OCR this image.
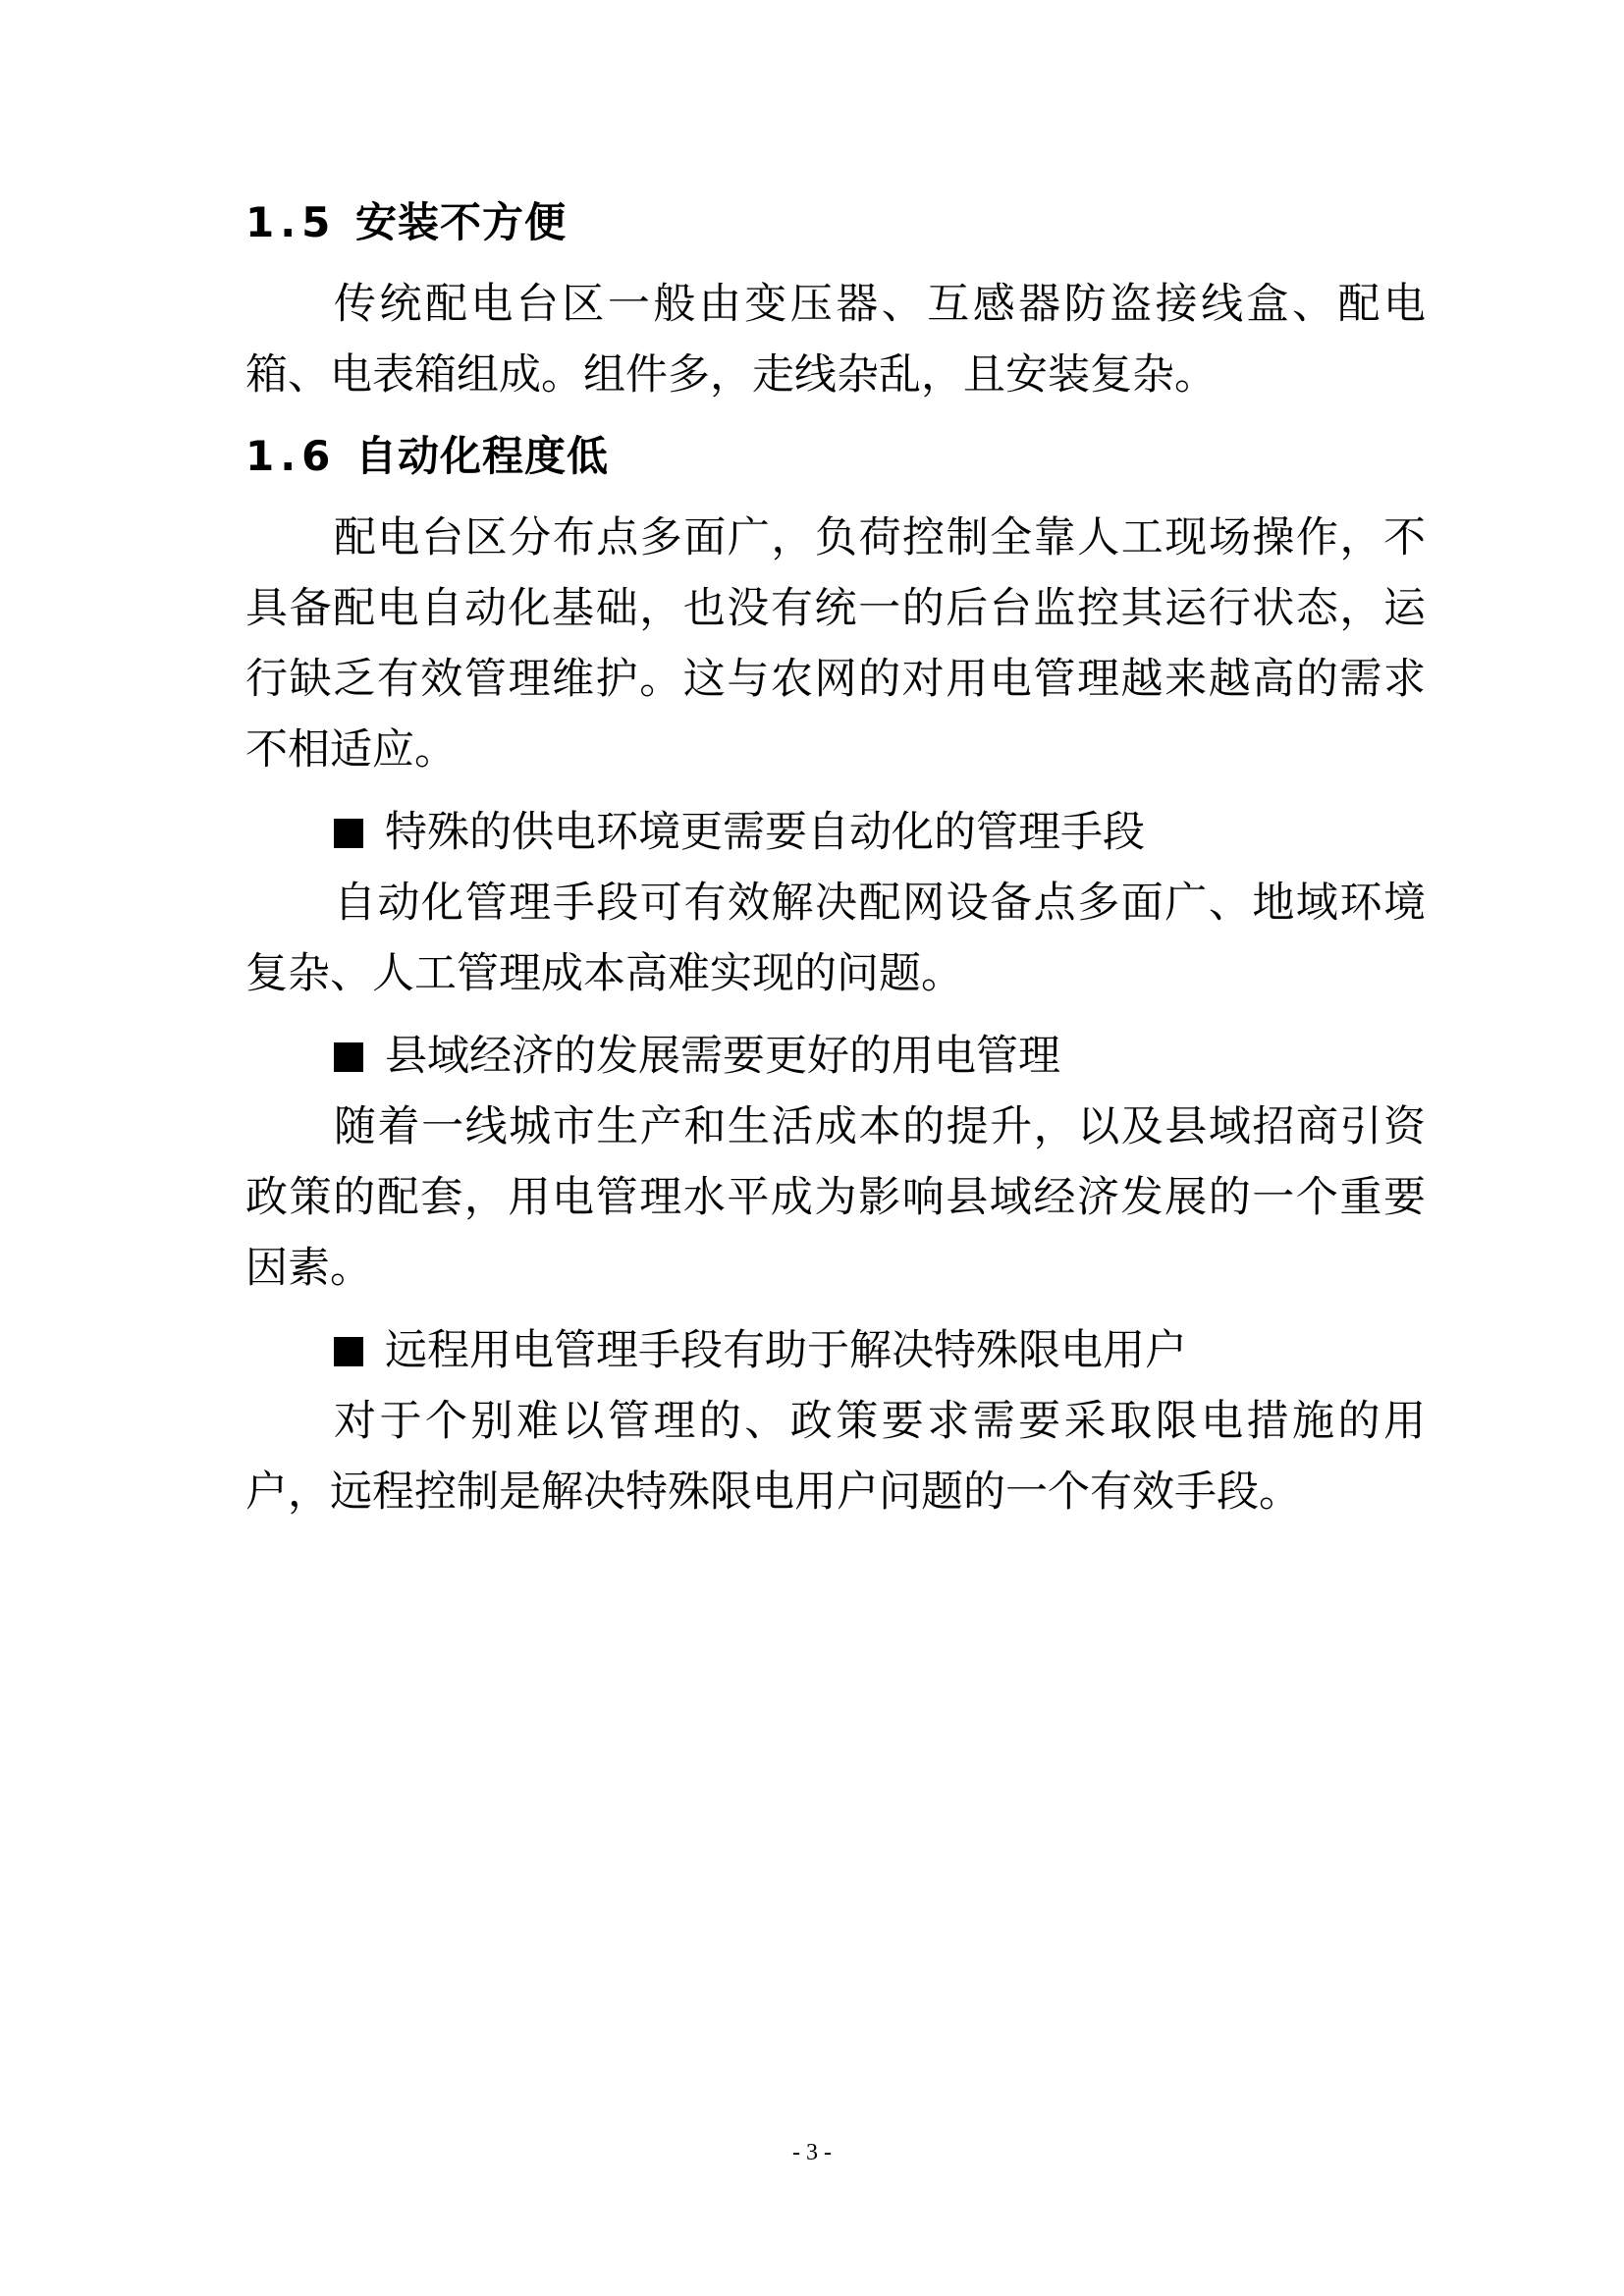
1.5 安装不方便

传统配电台区一般由变压器、互感器防盗接线盒、配电箱、电表箱组成。组件多，走线杂乱，且安装复杂。

1.6 自动化程度低

配电台区分布点多面广，负荷控制全靠人工现场操作，不具备配电自动化基础，也没有统一的后台监控其运行状态，运行缺乏有效管理维护。这与农网的对用电管理越来越高的需求不相适应。

特殊的供电环境更需要自动化的管理手段

自动化管理手段可有效解决配网设备点多面广、地域环境复杂、人工管理成本高难实现的问题。

县域经济的发展需要更好的用电管理

随着一线城市生产和生活成本的提升，以及县域招商引资政策的配套，用电管理水平成为影响县域经济发展的一个重要因素。

远程用电管理手段有助于解决特殊限电用户

对于个别难以管理的、政策要求需要采取限电措施的用户，远程控制是解决特殊限电用户问题的一个有效手段。

- 3 -
